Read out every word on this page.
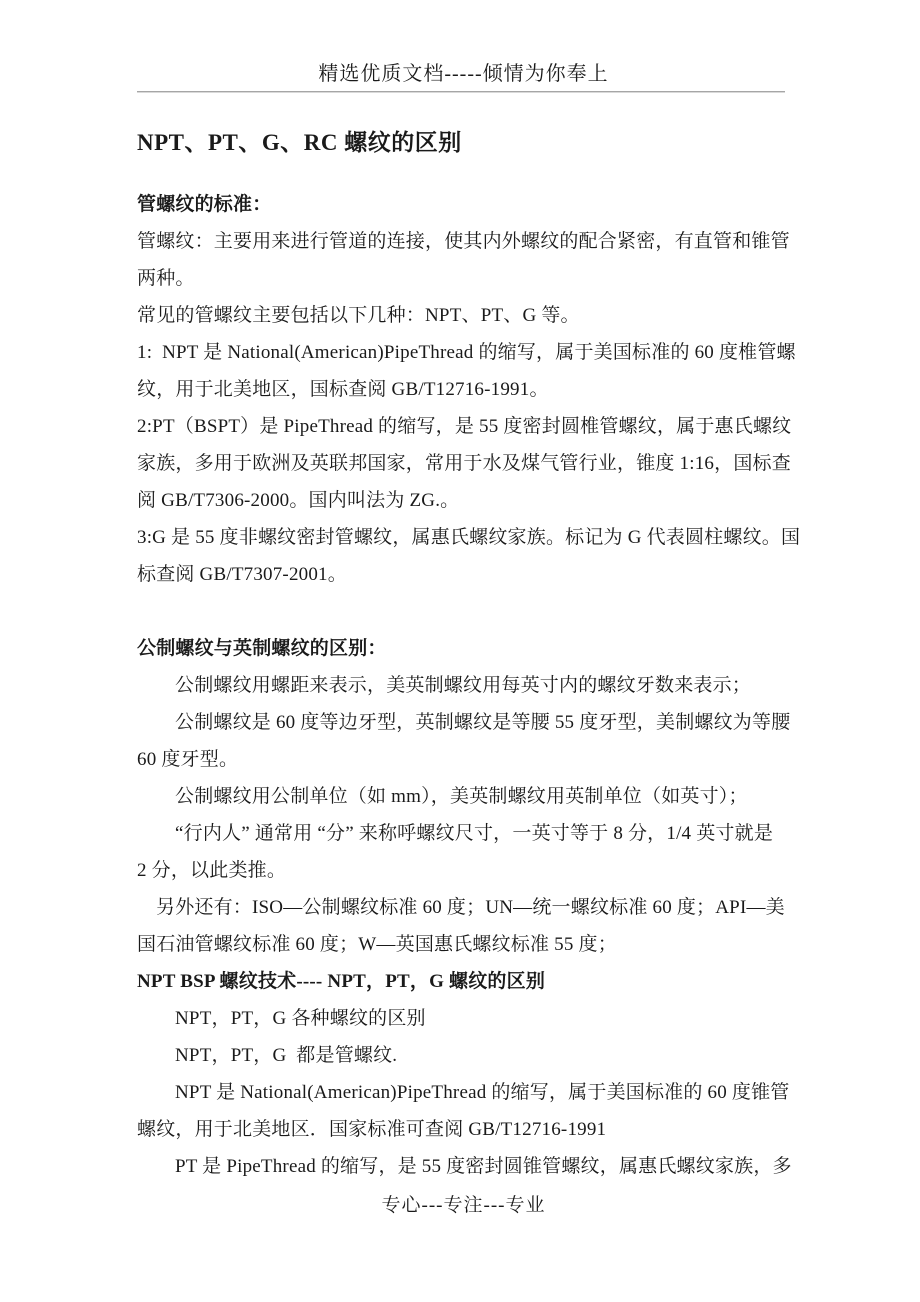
精选优质文档-----倾情为你奉上
NPT、PT、G、RC 螺纹的区别
管螺纹的标准：
管螺纹：主要用来进行管道的连接，使其内外螺纹的配合紧密，有直管和锥管
两种。
常见的管螺纹主要包括以下几种：NPT、PT、G 等。
1:  NPT 是 National(American)PipeThread 的缩写，属于美国标准的 60 度椎管螺
纹，用于北美地区，国标查阅 GB/T12716-1991。
2:PT（BSPT）是 PipeThread 的缩写，是 55 度密封圆椎管螺纹，属于惠氏螺纹
家族，多用于欧洲及英联邦国家，常用于水及煤气管行业，锥度 1:16，国标查
阅 GB/T7306-2000。国内叫法为 ZG.。
3:G 是 55 度非螺纹密封管螺纹，属惠氏螺纹家族。标记为 G 代表圆柱螺纹。国
标查阅 GB/T7307-2001。
公制螺纹与英制螺纹的区别：
公制螺纹用螺距来表示，美英制螺纹用每英寸内的螺纹牙数来表示；
公制螺纹是 60 度等边牙型，英制螺纹是等腰 55 度牙型，美制螺纹为等腰
60 度牙型。
公制螺纹用公制单位（如 mm），美英制螺纹用英制单位（如英寸）；
“行内人” 通常用 “分” 来称呼螺纹尺寸，一英寸等于 8 分，1/4 英寸就是
2 分，以此类推。
另外还有：ISO—公制螺纹标准 60 度；UN—统一螺纹标准 60 度；API—美
国石油管螺纹标准 60 度；W—英国惠氏螺纹标准 55 度；
NPT BSP 螺纹技术---- NPT，PT，G 螺纹的区别
NPT，PT，G 各种螺纹的区别
NPT，PT，G  都是管螺纹.
NPT 是 National(American)PipeThread 的缩写，属于美国标准的 60 度锥管
螺纹，用于北美地区．国家标准可查阅 GB/T12716-1991
PT 是 PipeThread 的缩写，是 55 度密封圆锥管螺纹，属惠氏螺纹家族，多
专心---专注---专业
